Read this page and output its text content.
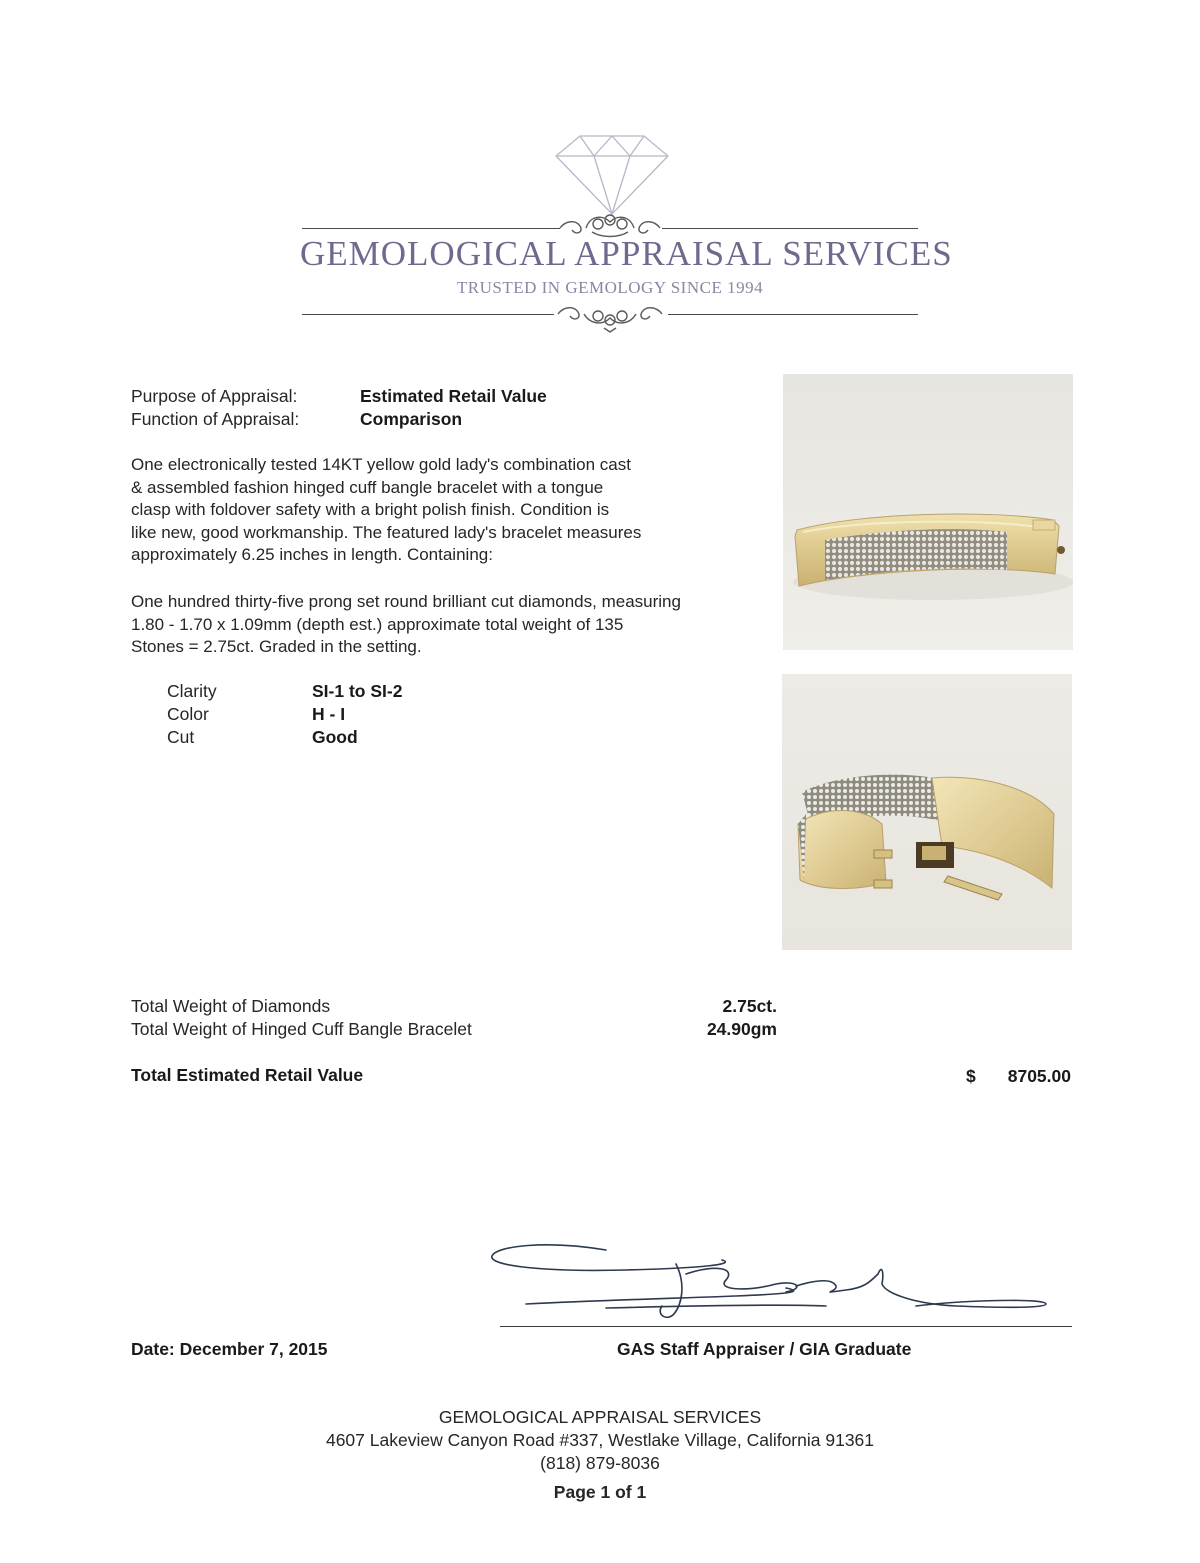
GEMOLOGICAL APPRAISAL SERVICES
TRUSTED IN GEMOLOGY SINCE 1994
Purpose of Appraisal:	Estimated Retail Value
Function of Appraisal:	Comparison

One electronically tested 14KT yellow gold lady's combination cast

& assembled fashion hinged cuff bangle bracelet with a tongue

clasp with foldover safety with a bright polish finish. Condition is

like new, good workmanship. The featured lady's bracelet measures

approximately 6.25 inches in length. Containing:

One hundred thirty-five prong set round brilliant cut diamonds, measuring

1.80 - 1.70 x 1.09mm (depth est.) approximate total weight of 135

Stones = 2.75ct. Graded in the setting.

Clarity	SI-1 to SI-2
Color	H - I
Cut	Good
Total Weight of Diamonds	2.75ct.
Total Weight of Hinged Cuff Bangle Bracelet	24.90gm
Total Estimated Retail Value	$ 8705.00
Date: December 7, 2015	GAS Staff Appraiser / GIA Graduate
GEMOLOGICAL APPRAISAL SERVICES
4607 Lakeview Canyon Road #337, Westlake Village, California 91361
(818) 879-8036
Page 1 of 1
